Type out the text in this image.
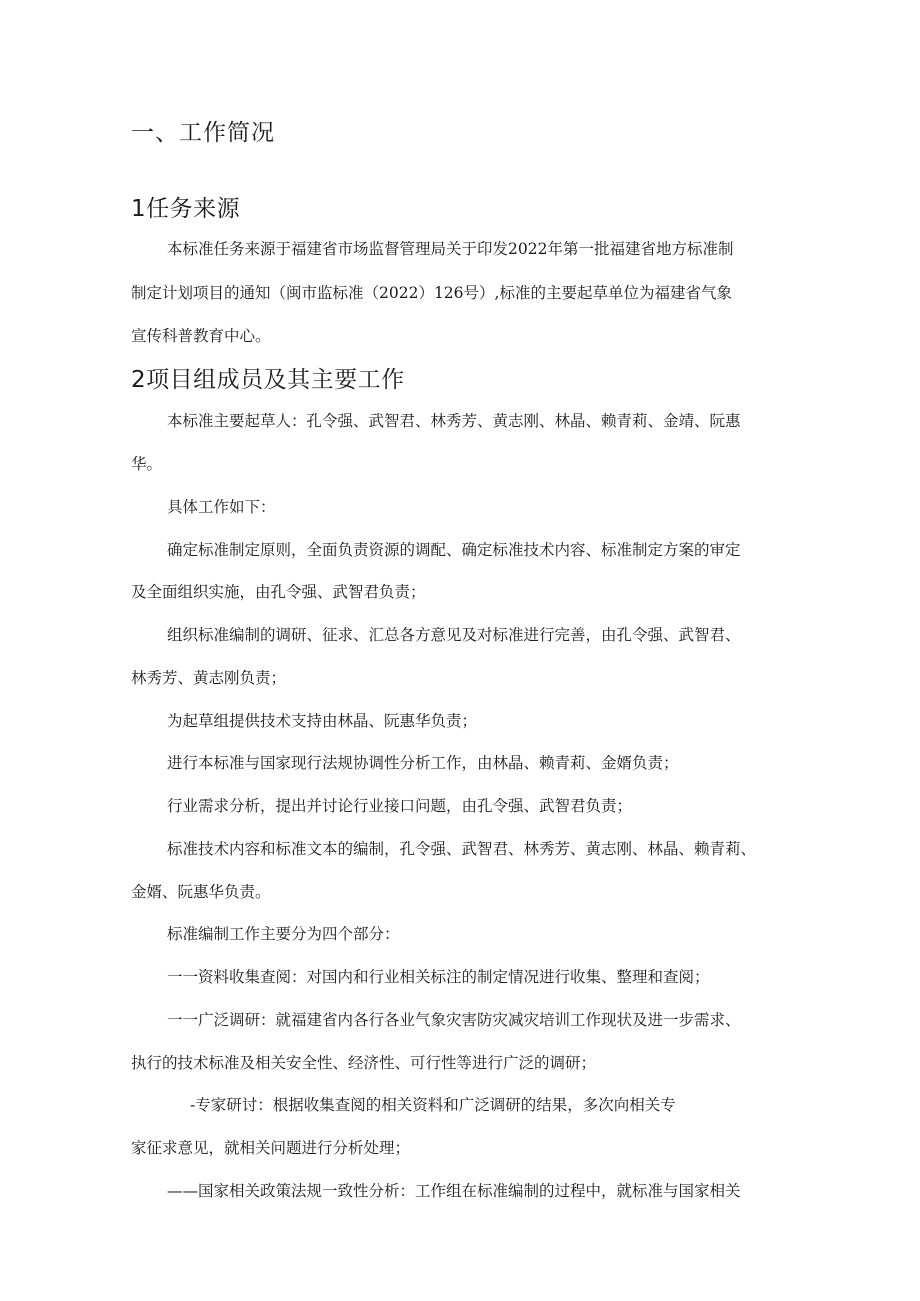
一、工作简况
1任务来源
本标准任务来源于福建省市场监督管理局关于印发2022年第一批福建省地方标准制
制定计划项目的通知（闽市监标准（2022）126号）,标准的主要起草单位为福建省气象
宣传科普教育中心。
2项目组成员及其主要工作
本标准主要起草人：孔令强、武智君、林秀芳、黄志刚、林晶、赖青莉、金靖、阮惠
华。
具体工作如下：
确定标准制定原则，全面负责资源的调配、确定标准技术内容、标准制定方案的审定
及全面组织实施，由孔令强、武智君负责；
组织标准编制的调研、征求、汇总各方意见及对标准进行完善，由孔令强、武智君、
林秀芳、黄志刚负责；
为起草组提供技术支持由林晶、阮惠华负责；
进行本标准与国家现行法规协调性分析工作，由林晶、赖青莉、金婿负责；
行业需求分析，提出并讨论行业接口问题，由孔令强、武智君负责；
标准技术内容和标准文本的编制，孔令强、武智君、林秀芳、黄志刚、林晶、赖青莉、
金婿、阮惠华负责。
标准编制工作主要分为四个部分：
一一资料收集查阅：对国内和行业相关标注的制定情况进行收集、整理和查阅；
一一广泛调研：就福建省内各行各业气象灾害防灾减灾培训工作现状及进一步需求、
执行的技术标准及相关安全性、经济性、可行性等进行广泛的调研；
-专家研讨：根据收集查阅的相关资料和广泛调研的结果，多次向相关专
家征求意见，就相关问题进行分析处理；
——国家相关政策法规一致性分析：工作组在标准编制的过程中，就标准与国家相关
